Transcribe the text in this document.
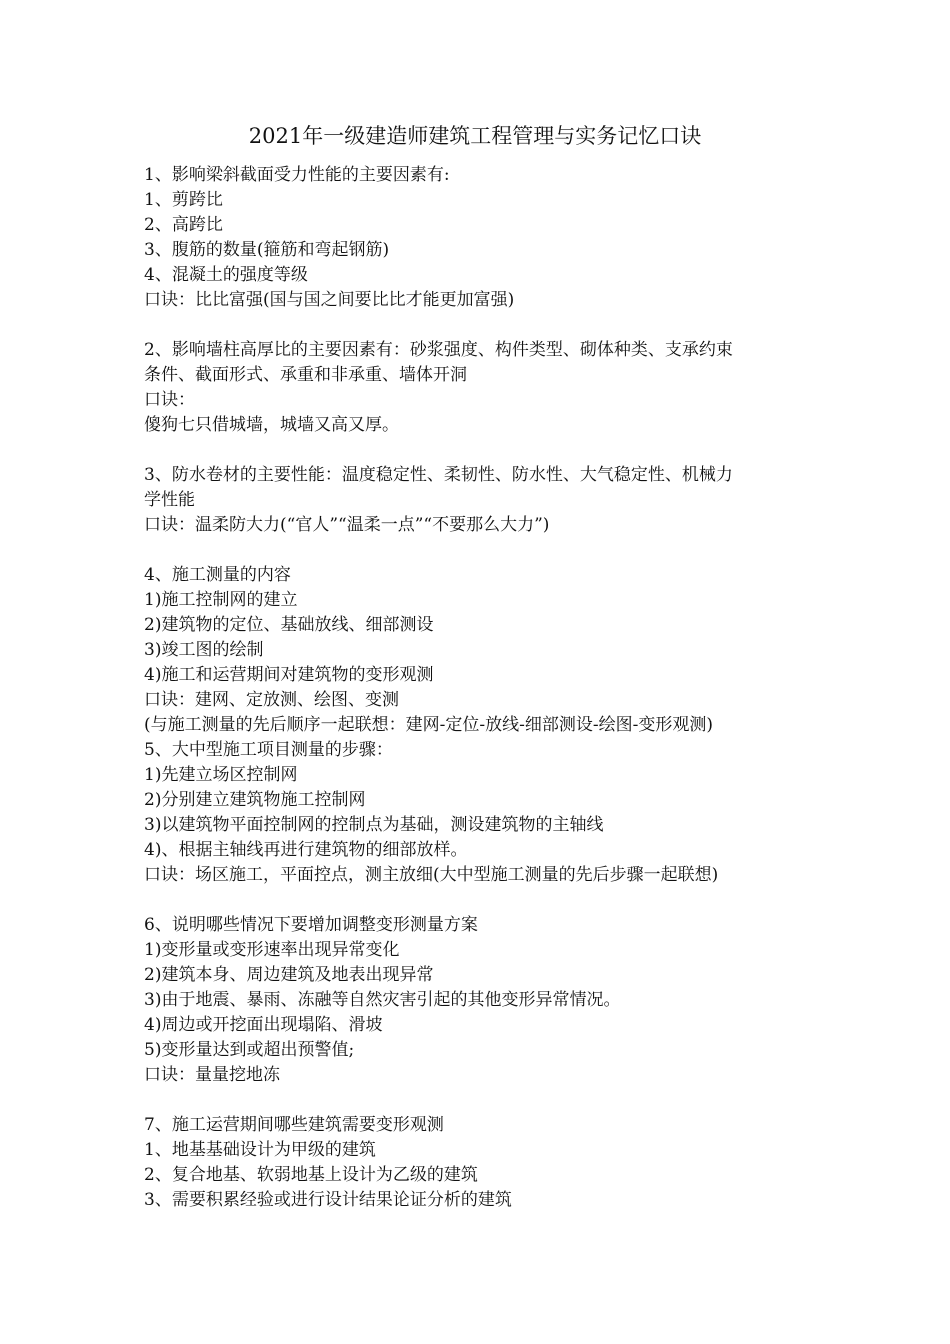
2021年一级建造师建筑工程管理与实务记忆口诀
1、影响梁斜截面受力性能的主要因素有:
1、剪跨比
2、高跨比
3、腹筋的数量(箍筋和弯起钢筋)
4、混凝土的强度等级
口诀：比比富强(国与国之间要比比才能更加富强)
2、影响墙柱高厚比的主要因素有：砂浆强度、构件类型、砌体种类、支承约束
条件、截面形式、承重和非承重、墙体开洞
口诀：
傻狗七只借城墙，城墙又高又厚。
3、防水卷材的主要性能：温度稳定性、柔韧性、防水性、大气稳定性、机械力
学性能
口诀：温柔防大力(“官人”“温柔一点”“不要那么大力”)
4、施工测量的内容
1)施工控制网的建立
2)建筑物的定位、基础放线、细部测设
3)竣工图的绘制
4)施工和运营期间对建筑物的变形观测
口诀：建网、定放测、绘图、变测
(与施工测量的先后顺序一起联想：建网-定位-放线-细部测设-绘图-变形观测)
5、大中型施工项目测量的步骤：
1)先建立场区控制网
2)分别建立建筑物施工控制网
3)以建筑物平面控制网的控制点为基础，测设建筑物的主轴线
4)、根据主轴线再进行建筑物的细部放样。
口诀：场区施工，平面控点，测主放细(大中型施工测量的先后步骤一起联想)
6、说明哪些情况下要增加调整变形测量方案
1)变形量或变形速率出现异常变化
2)建筑本身、周边建筑及地表出现异常
3)由于地震、暴雨、冻融等自然灾害引起的其他变形异常情况。
4)周边或开挖面出现塌陷、滑坡
5)变形量达到或超出预警值;
口诀：量量挖地冻
7、施工运营期间哪些建筑需要变形观测
1、地基基础设计为甲级的建筑
2、复合地基、软弱地基上设计为乙级的建筑
3、需要积累经验或进行设计结果论证分析的建筑
